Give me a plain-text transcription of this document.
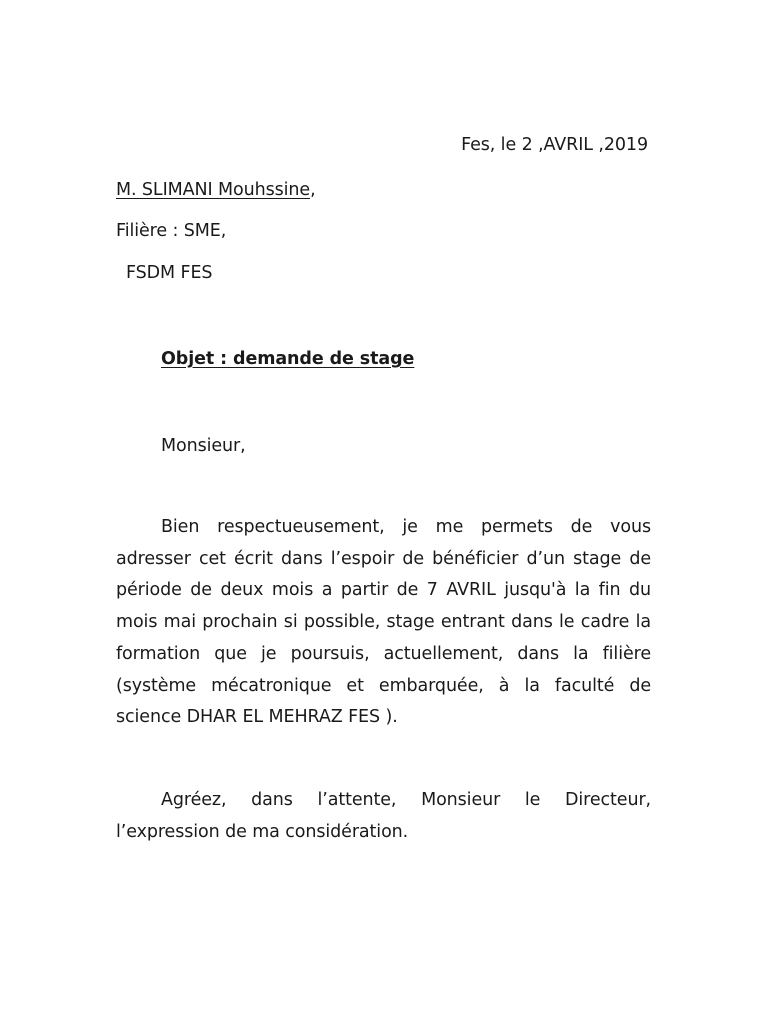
Fes, le 2 ,AVRIL ,2019
M. SLIMANI Mouhssine,
Filière : SME,
FSDM FES
Objet : demande de stage
Monsieur,
Bien respectueusement, je me permets de vous adresser cet écrit dans l’espoir de bénéficier d’un stage de période de deux mois a partir de 7 AVRIL jusqu'à la fin du mois mai prochain si possible, stage entrant dans le cadre la formation que je poursuis, actuellement, dans la filière (système mécatronique et embarquée, à la faculté de science DHAR EL MEHRAZ FES ).
Agréez, dans l’attente, Monsieur le Directeur, l’expression de ma considération.
